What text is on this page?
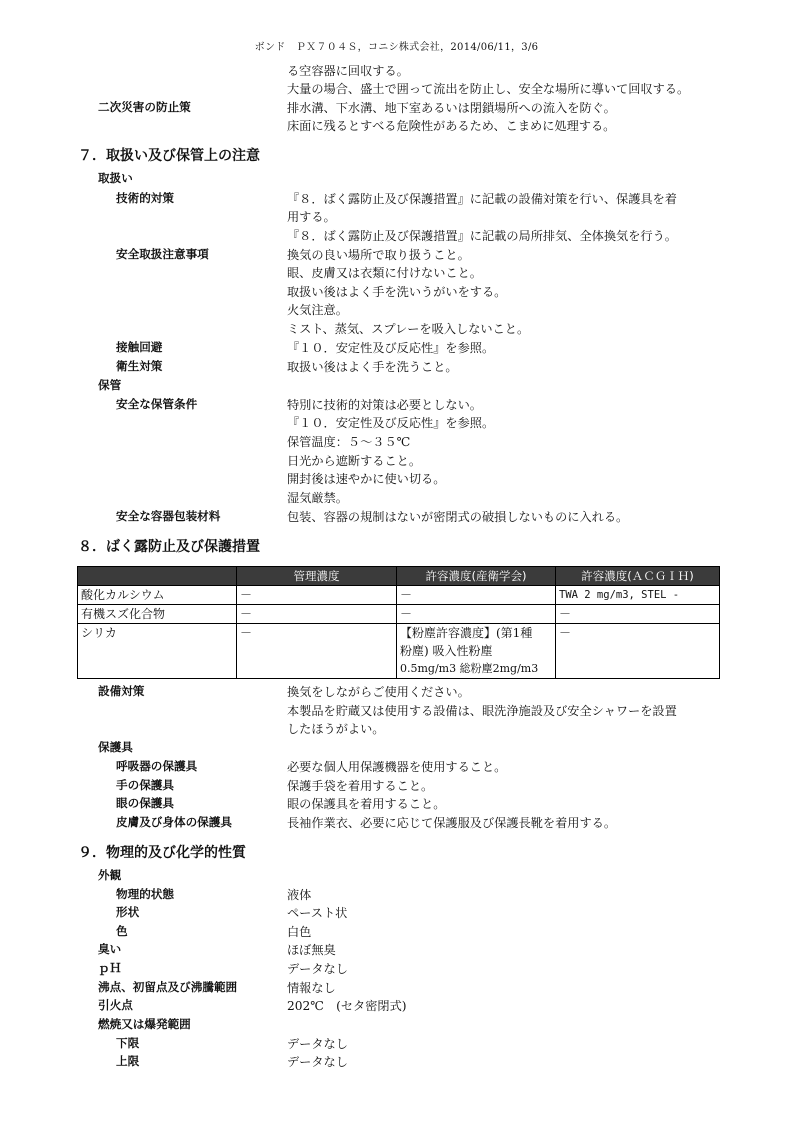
ボンド　ＰＸ７０４Ｓ，コニシ株式会社，2014/06/11，3/6
る空容器に回収する。
大量の場合、盛土で囲って流出を防止し、安全な場所に導いて回収する。
二次災害の防止策	排水溝、下水溝、地下室あるいは閉鎖場所への流入を防ぐ。
床面に残るとすべる危険性があるため、こまめに処理する。
７．取扱い及び保管上の注意
取扱い
技術的対策	『８．ばく露防止及び保護措置』に記載の設備対策を行い、保護具を着
用する。
『８．ばく露防止及び保護措置』に記載の局所排気、全体換気を行う。
安全取扱注意事項	換気の良い場所で取り扱うこと。
眼、皮膚又は衣類に付けないこと。
取扱い後はよく手を洗いうがいをする。
火気注意。
ミスト、蒸気、スプレーを吸入しないこと。
接触回避	『１０．安定性及び反応性』を参照。
衛生対策	取扱い後はよく手を洗うこと。
保管
安全な保管条件	特別に技術的対策は必要としない。
『１０．安定性及び反応性』を参照。
保管温度：５～３５℃
日光から遮断すること。
開封後は速やかに使い切る。
湿気厳禁。
安全な容器包装材料	包装、容器の規制はないが密閉式の破損しないものに入れる。
８．ばく露防止及び保護措置
	管理濃度	許容濃度(産衛学会)	許容濃度(ＡＣＧＩＨ)
酸化カルシウム	－	－	TWA 2 mg/m3, STEL -
有機スズ化合物	－	－	－
シリカ	－	【粉塵許容濃度】(第1種
粉塵) 吸入性粉塵
0.5mg/m3 総粉塵2mg/m3	－
設備対策	換気をしながらご使用ください。
本製品を貯蔵又は使用する設備は、眼洗浄施設及び安全シャワーを設置
したほうがよい。
保護具
呼吸器の保護具	必要な個人用保護機器を使用すること。
手の保護具	保護手袋を着用すること。
眼の保護具	眼の保護具を着用すること。
皮膚及び身体の保護具	長袖作業衣、必要に応じて保護服及び保護長靴を着用する。
９．物理的及び化学的性質
外観
物理的状態	液体
形状	ペースト状
色	白色
臭い	ほぼ無臭
ｐＨ	データなし
沸点、初留点及び沸騰範囲	情報なし
引火点	202℃　(セタ密閉式)
燃焼又は爆発範囲
下限	データなし
上限	データなし
